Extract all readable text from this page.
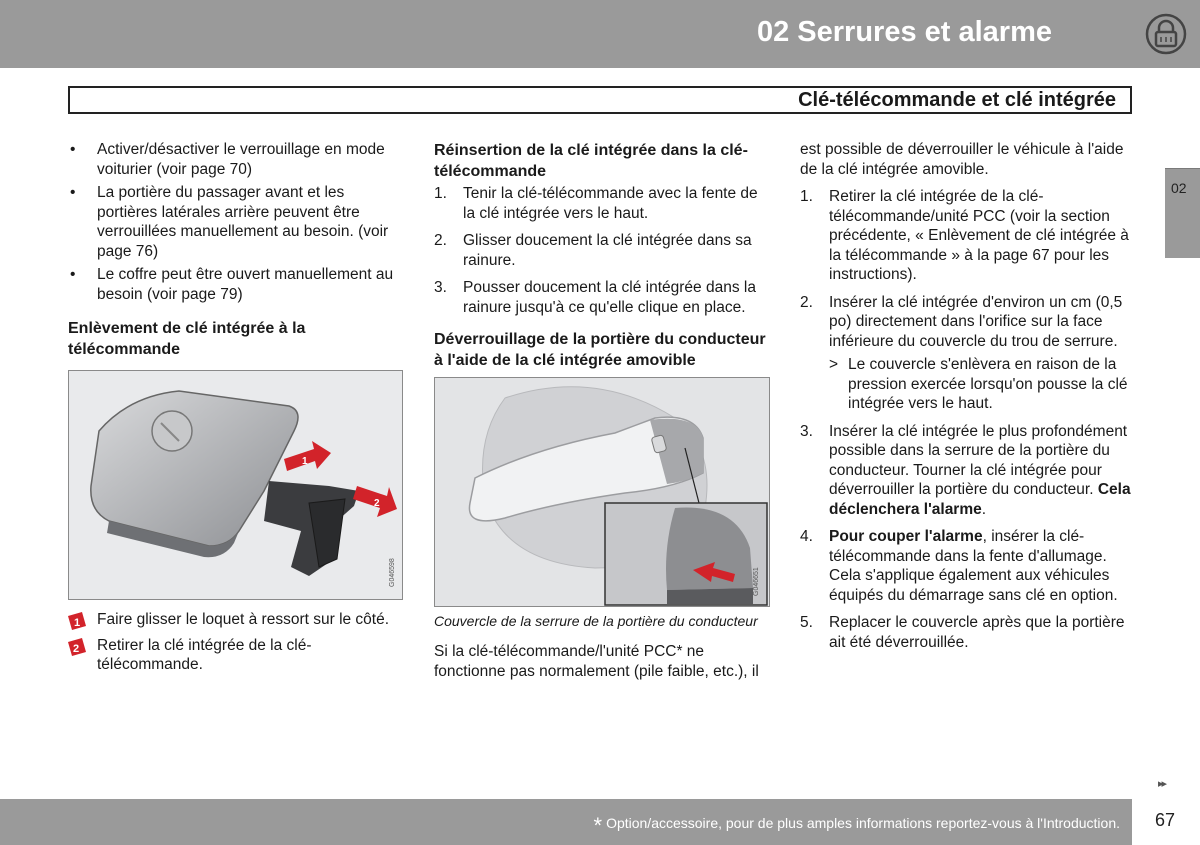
02 Serrures et alarme
Clé-télécommande et clé intégrée
02
• Activer/désactiver le verrouillage en mode voiturier (voir page 70)
• La portière du passager avant et les portières latérales arrière peuvent être verrouillées manuellement au besoin. (voir page 76)
• Le coffre peut être ouvert manuellement au besoin (voir page 79)
Enlèvement de clé intégrée à la télécommande
1
2
G046598
1 Faire glisser le loquet à ressort sur le côté.
2 Retirer la clé intégrée de la clé-télécommande.
Réinsertion de la clé intégrée dans la clé-télécommande
1. Tenir la clé-télécommande avec la fente de la clé intégrée vers le haut.
2. Glisser doucement la clé intégrée dans sa rainure.
3. Pousser doucement la clé intégrée dans la rainure jusqu'à ce qu'elle clique en place.
Déverrouillage de la portière du conducteur à l'aide de la clé intégrée amovible
G046651
Couvercle de la serrure de la portière du conducteur
Si la clé-télécommande/l'unité PCC* ne fonctionne pas normalement (pile faible, etc.), il
est possible de déverrouiller le véhicule à l'aide de la clé intégrée amovible.
1. Retirer la clé intégrée de la clé-télécommande/unité PCC (voir la section précédente, « Enlèvement de clé intégrée à la télécommande » à la page 67 pour les instructions).
2. Insérer la clé intégrée d'environ un cm (0,5 po) directement dans l'orifice sur la face inférieure du couvercle du trou de serrure.
> Le couvercle s'enlèvera en raison de la pression exercée lorsqu'on pousse la clé intégrée vers le haut.
3. Insérer la clé intégrée le plus profondément possible dans la serrure de la portière du conducteur. Tourner la clé intégrée pour déverrouiller la portière du conducteur. Cela déclenchera l'alarme.
4. Pour couper l'alarme, insérer la clé-télécommande dans la fente d'allumage. Cela s'applique également aux véhicules équipés du démarrage sans clé en option.
5. Replacer le couvercle après que la portière ait été déverrouillée.
▸▸
* Option/accessoire, pour de plus amples informations reportez-vous à l'Introduction. 67
